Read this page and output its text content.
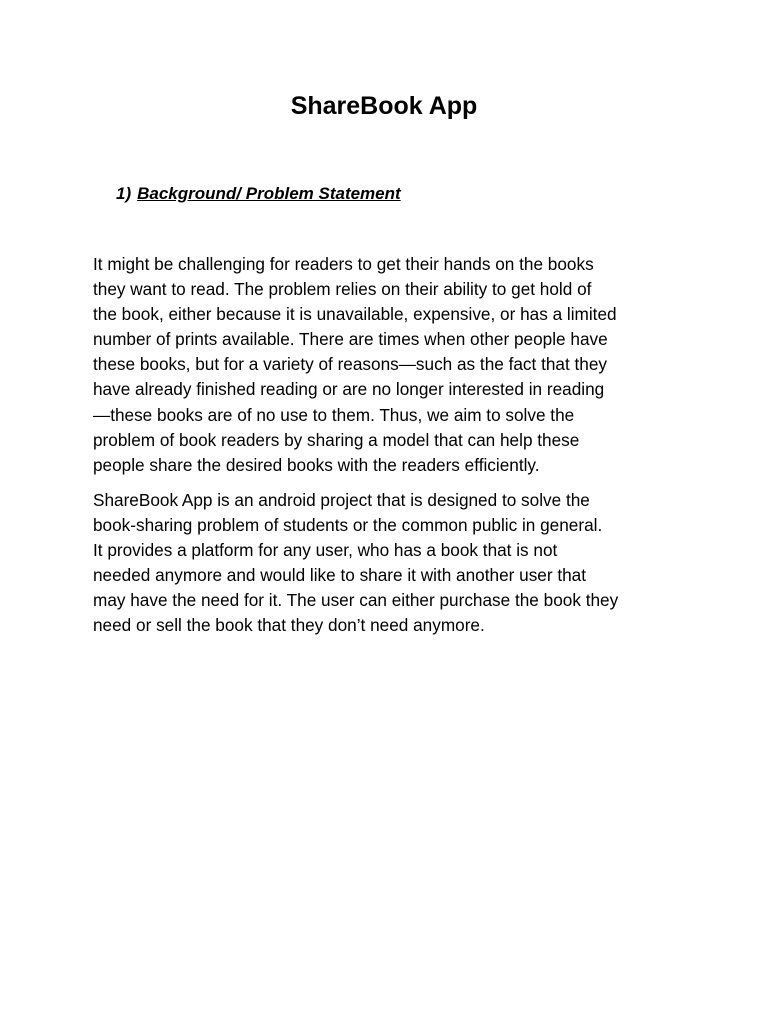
ShareBook App
1) Background/ Problem Statement
It might be challenging for readers to get their hands on the books
they want to read. The problem relies on their ability to get hold of
the book, either because it is unavailable, expensive, or has a limited
number of prints available. There are times when other people have
these books, but for a variety of reasons—such as the fact that they
have already finished reading or are no longer interested in reading
—these books are of no use to them. Thus, we aim to solve the
problem of book readers by sharing a model that can help these
people share the desired books with the readers efficiently.
ShareBook App is an android project that is designed to solve the
book-sharing problem of students or the common public in general.
It provides a platform for any user, who has a book that is not
needed anymore and would like to share it with another user that
may have the need for it. The user can either purchase the book they
need or sell the book that they don’t need anymore.
